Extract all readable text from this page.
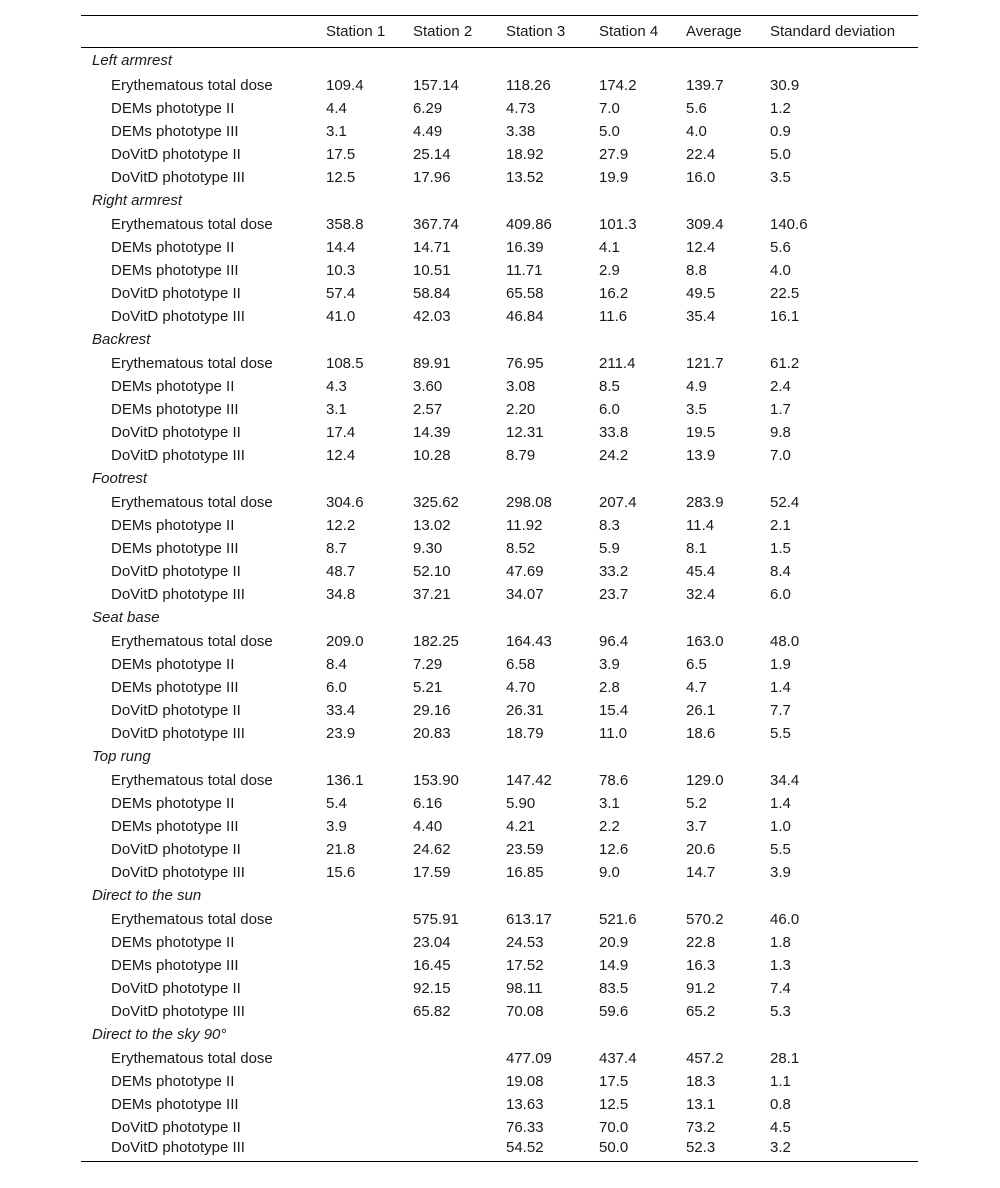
	Station 1	Station 2	Station 3	Station 4	Average	Standard deviation
Left armrest						
Erythematous total dose	109.4	157.14	118.26	174.2	139.7	30.9
DEMs phototype II	4.4	6.29	4.73	7.0	5.6	1.2
DEMs phototype III	3.1	4.49	3.38	5.0	4.0	0.9
DoVitD phototype II	17.5	25.14	18.92	27.9	22.4	5.0
DoVitD phototype III	12.5	17.96	13.52	19.9	16.0	3.5
Right armrest						
Erythematous total dose	358.8	367.74	409.86	101.3	309.4	140.6
DEMs phototype II	14.4	14.71	16.39	4.1	12.4	5.6
DEMs phototype III	10.3	10.51	11.71	2.9	8.8	4.0
DoVitD phototype II	57.4	58.84	65.58	16.2	49.5	22.5
DoVitD phototype III	41.0	42.03	46.84	11.6	35.4	16.1
Backrest						
Erythematous total dose	108.5	89.91	76.95	211.4	121.7	61.2
DEMs phototype II	4.3	3.60	3.08	8.5	4.9	2.4
DEMs phototype III	3.1	2.57	2.20	6.0	3.5	1.7
DoVitD phototype II	17.4	14.39	12.31	33.8	19.5	9.8
DoVitD phototype III	12.4	10.28	8.79	24.2	13.9	7.0
Footrest						
Erythematous total dose	304.6	325.62	298.08	207.4	283.9	52.4
DEMs phototype II	12.2	13.02	11.92	8.3	11.4	2.1
DEMs phototype III	8.7	9.30	8.52	5.9	8.1	1.5
DoVitD phototype II	48.7	52.10	47.69	33.2	45.4	8.4
DoVitD phototype III	34.8	37.21	34.07	23.7	32.4	6.0
Seat base						
Erythematous total dose	209.0	182.25	164.43	96.4	163.0	48.0
DEMs phototype II	8.4	7.29	6.58	3.9	6.5	1.9
DEMs phototype III	6.0	5.21	4.70	2.8	4.7	1.4
DoVitD phototype II	33.4	29.16	26.31	15.4	26.1	7.7
DoVitD phototype III	23.9	20.83	18.79	11.0	18.6	5.5
Top rung						
Erythematous total dose	136.1	153.90	147.42	78.6	129.0	34.4
DEMs phototype II	5.4	6.16	5.90	3.1	5.2	1.4
DEMs phototype III	3.9	4.40	4.21	2.2	3.7	1.0
DoVitD phototype II	21.8	24.62	23.59	12.6	20.6	5.5
DoVitD phototype III	15.6	17.59	16.85	9.0	14.7	3.9
Direct to the sun						
Erythematous total dose		575.91	613.17	521.6	570.2	46.0
DEMs phototype II		23.04	24.53	20.9	22.8	1.8
DEMs phototype III		16.45	17.52	14.9	16.3	1.3
DoVitD phototype II		92.15	98.11	83.5	91.2	7.4
DoVitD phototype III		65.82	70.08	59.6	65.2	5.3
Direct to the sky 90°						
Erythematous total dose			477.09	437.4	457.2	28.1
DEMs phototype II			19.08	17.5	18.3	1.1
DEMs phototype III			13.63	12.5	13.1	0.8
DoVitD phototype II			76.33	70.0	73.2	4.5
DoVitD phototype III			54.52	50.0	52.3	3.2
